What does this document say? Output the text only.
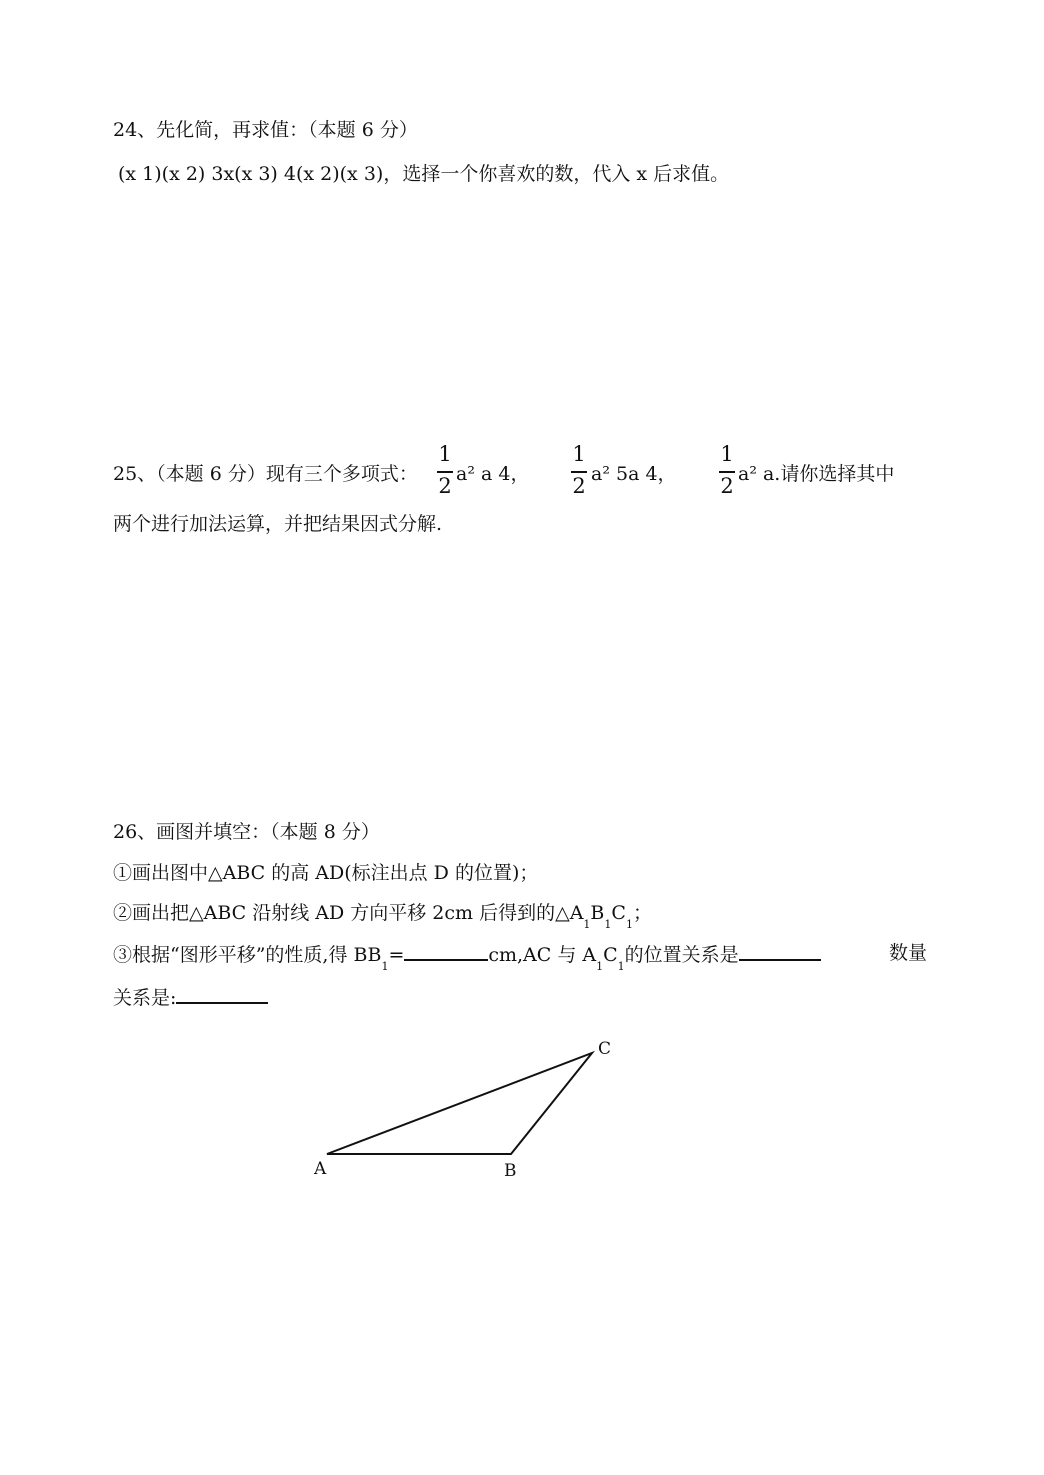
24、先化简，再求值：（本题 6 分）
(x 1)(x 2) 3x(x 3) 4(x 2)(x 3)，选择一个你喜欢的数，代入 x 后求值。
25、（本题 6 分）现有三个多项式：
1
2 a² a 4，
1
2 a² 5a 4，
1
2 a² a.请你选择其中
两个进行加法运算，并把结果因式分解.
26、画图并填空：（本题 8 分）
①画出图中△ABC 的高 AD(标注出点 D 的位置)；
②画出把△ABC 沿射线 AD 方向平移 2cm 后得到的$\triangle A_1B_1C_1$；
③根据“图形平移”的性质,得 $BB_1=$	cm,AC 与 $A_1C_1$的位置关系是	数量
关系是:
A	B
C
